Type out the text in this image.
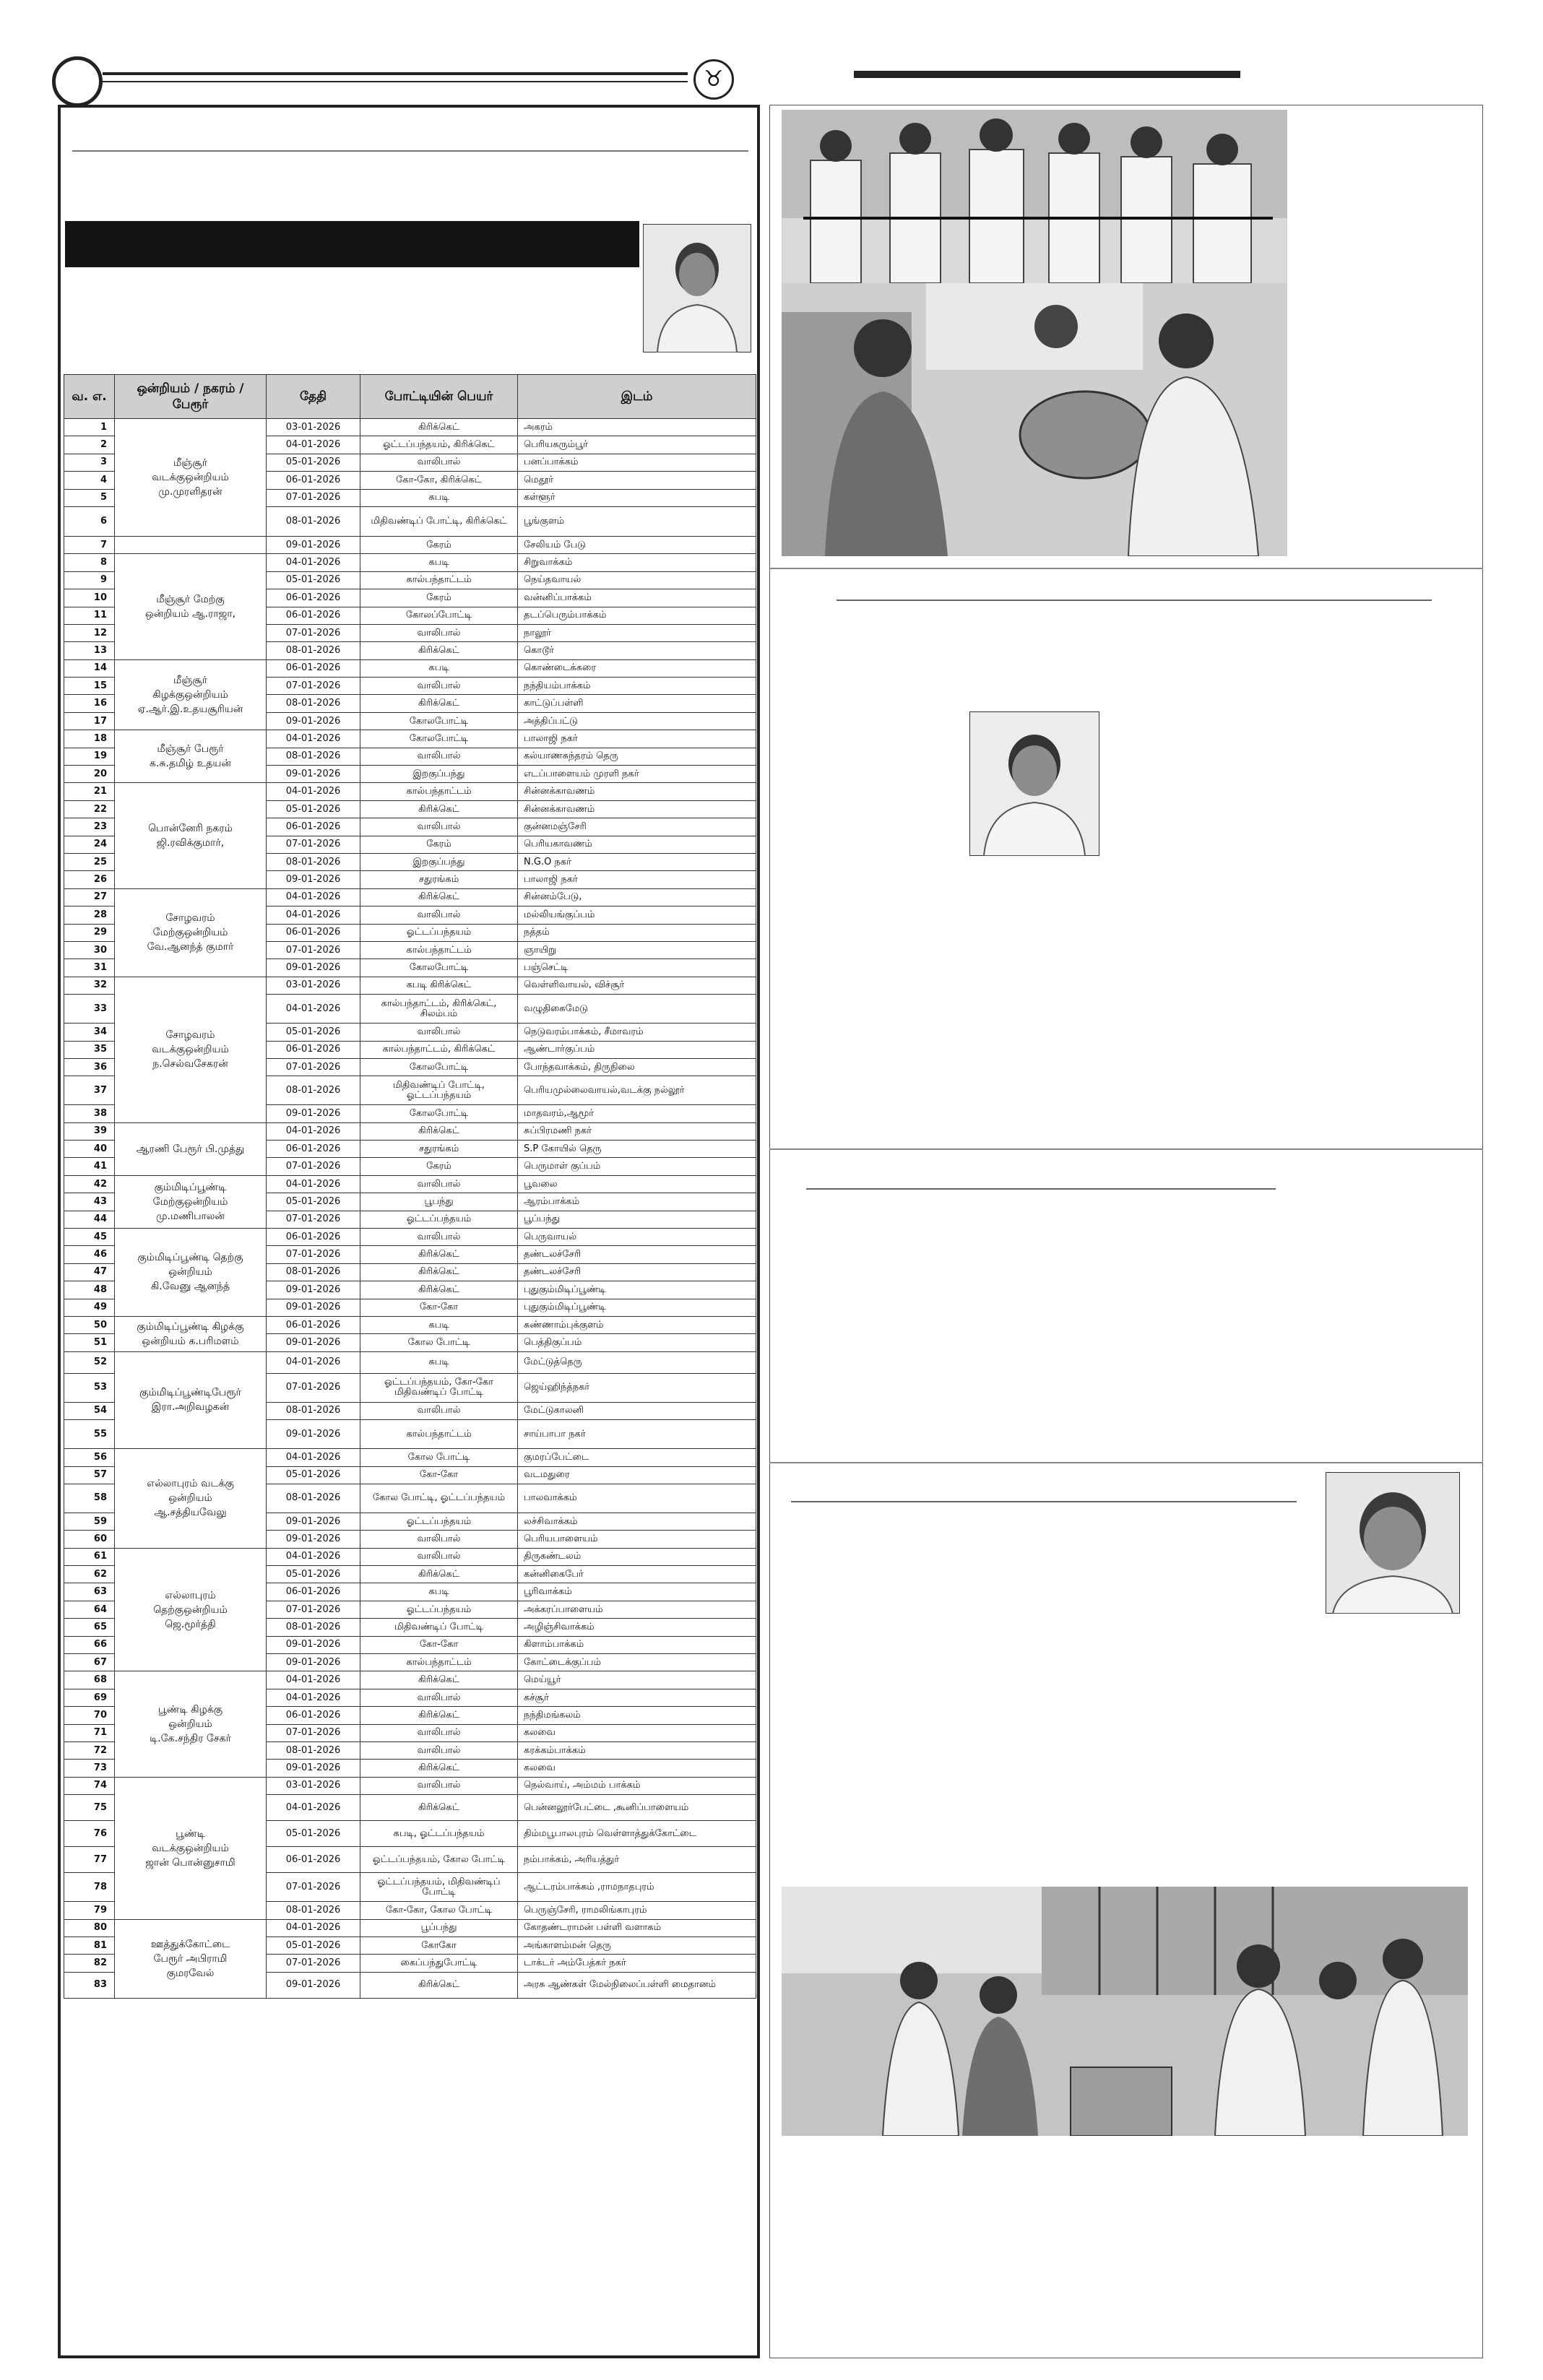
♉
வ. எ.	ஒன்றியம் / நகரம் / பேரூர்	தேதி	போட்டியின் பெயர்	இடம்
1	மீஞ்சூர்
வடக்குஒன்றியம்
மு.முரளிதரன்	03-01-2026	கிரிக்கெட்	அகரம்
2		04-01-2026	ஓட்டப்பந்தயம், கிரிக்கெட்	பெரியகரும்பூர்
3		05-01-2026	வாலிபால்	பனப்பாக்கம்
4		06-01-2026	கோ-கோ, கிரிக்கெட்	மெதூர்
5		07-01-2026	கபடி	கள்ளூர்
6		08-01-2026	மிதிவண்டிப் போட்டி, கிரிக்கெட்	பூங்குளம்
7		09-01-2026	கேரம்	சேலியம் பேடு
8	மீஞ்சூர் மேற்கு
ஒன்றியம் ஆ.ராஜா,	04-01-2026	கபடி	சிறுவாக்கம்
9		05-01-2026	கால்பந்தாட்டம்	நெய்தவாயல்
10		06-01-2026	கேரம்	வன்னிப்பாக்கம்
11		06-01-2026	கோலப்போட்டி	தடப்பெரும்பாக்கம்
12		07-01-2026	வாலிபால்	நாலூர்
13		08-01-2026	கிரிக்கெட்	கொடூர்
14	மீஞ்சூர்
கிழக்குஒன்றியம்
ஏ.ஆர்.இ.உதயசூரியன்	06-01-2026	கபடி	கொண்டைக்கரை
15		07-01-2026	வாலிபால்	நந்தியம்பாக்கம்
16		08-01-2026	கிரிக்கெட்	காட்டுப்பள்ளி
17		09-01-2026	கோலபோட்டி	அத்திப்பட்டு
18	மீஞ்சூர் பேரூர்
க.சு.தமிழ் உதயன்	04-01-2026	கோலபோட்டி	பாலாஜி நகர்
19		08-01-2026	வாலிபால்	கல்யாணசுந்தரம் தெரு
20		09-01-2026	இறகுப்பந்து	எடப்பாளையம் முரளி நகர்
21	பொன்னேரி நகரம்
ஜி.ரவிக்குமார்,	04-01-2026	கால்பந்தாட்டம்	சின்னக்காவணம்
22		05-01-2026	கிரிக்கெட்	சின்னக்காவணம்
23		06-01-2026	வாலிபால்	குன்னமஞ்சேரி
24		07-01-2026	கேரம்	பெரியகாவணம்
25		08-01-2026	இறகுப்பந்து	N.G.O நகர்
26		09-01-2026	சதுரங்கம்	பாலாஜி நகர்
27	சோழவரம்
மேற்குஒன்றியம்
வே.ஆனந்த் குமார்	04-01-2026	கிரிக்கெட்	சின்னம்பேடு,
28		04-01-2026	வாலிபால்	மல்லியங்குப்பம்
29		06-01-2026	ஓட்டப்பந்தயம்	நத்தம்
30		07-01-2026	கால்பந்தாட்டம்	ஞாயிறு
31		09-01-2026	கோலபோட்டி	பஞ்செட்டி
32	சோழவரம்
வடக்குஒன்றியம்
ந.செல்வசேகரன்	03-01-2026	கபடி கிரிக்கெட்	வெள்ளிவாயல், விச்சூர்
33		04-01-2026	கால்பந்தாட்டம், கிரிக்கெட், சிலம்பம்	வழுதிகைமேடு
34		05-01-2026	வாலிபால்	நெடுவரம்பாக்கம், சீமாவரம்
35		06-01-2026	கால்பந்தாட்டம், கிரிக்கெட்	ஆண்டார்குப்பம்
36		07-01-2026	கோலபோட்டி	போந்தவாக்கம், திருநிலை
37		08-01-2026	மிதிவண்டிப் போட்டி, ஓட்டப்பந்தயம்	பெரியமுல்லைவாயல்,வடக்கு நல்லூர்
38		09-01-2026	கோலபோட்டி	மாதவரம்,ஆமூர்
39	ஆரணி பேரூர் பி.முத்து	04-01-2026	கிரிக்கெட்	சுப்பிரமணி நகர்
40		06-01-2026	சதுரங்கம்	S.P கோயில் தெரு
41		07-01-2026	கேரம்	பெருமாள் குப்பம்
42	கும்மிடிப்பூண்டி
மேற்குஒன்றியம்
மு.மணிபாலன்	04-01-2026	வாலிபால்	பூவலை
43		05-01-2026	பூபந்து	ஆரம்பாக்கம்
44		07-01-2026	ஓட்டப்பந்தயம்	பூப்பந்து
45	கும்மிடிப்பூண்டி தெற்கு
ஒன்றியம்
கி.வேனு ஆனந்த்	06-01-2026	வாலிபால்	பெருவாயல்
46		07-01-2026	கிரிக்கெட்	தண்டலச்சேரி
47		08-01-2026	கிரிக்கெட்	தண்டலச்சேரி
48		09-01-2026	கிரிக்கெட்	புதுகும்மிடிப்பூண்டி
49		09-01-2026	கோ-கோ	புதுகும்மிடிப்பூண்டி
50	கும்மிடிப்பூண்டி கிழக்கு
ஒன்றியம் க.பரிமளம்	06-01-2026	கபடி	சுண்ணாம்புக்குளம்
51		09-01-2026	கோல போட்டி	பெத்திகுப்பம்
52	கும்மிடிப்பூண்டிபேரூர்
இரா.அறிவழகன்	04-01-2026	கபடி	மேட்டுத்தெரு
53		07-01-2026	ஓட்டப்பந்தயம், கோ-கோ மிதிவண்டிப் போட்டி	ஜெய்ஹிந்த்நகர்
54		08-01-2026	வாலிபால்	மேட்டுகாலனி
55		09-01-2026	கால்பந்தாட்டம்	சாய்பாபா நகர்
56	எல்லாபுரம் வடக்கு
ஒன்றியம்
ஆ.சத்தியவேலு	04-01-2026	கோல போட்டி	குமரப்பேட்டை
57		05-01-2026	கோ-கோ	வடமதுரை
58		08-01-2026	கோல போட்டி, ஓட்டப்பந்தயம்	பாலவாக்கம்
59		09-01-2026	ஓட்டப்பந்தயம்	லச்சிவாக்கம்
60		09-01-2026	வாலிபால்	பெரியபாளையம்
61	எல்லாபுரம்
தெற்குஒன்றியம்
ஜெ.மூர்த்தி	04-01-2026	வாலிபால்	திருகண்டலம்
62		05-01-2026	கிரிக்கெட்	கன்னிகைபேர்
63		06-01-2026	கபடி	பூரிவாக்கம்
64		07-01-2026	ஓட்டப்பந்தயம்	அக்கரப்பாளையம்
65		08-01-2026	மிதிவண்டிப் போட்டி	அழிஞ்சிவாக்கம்
66		09-01-2026	கோ-கோ	கிளாம்பாக்கம்
67		09-01-2026	கால்பந்தாட்டம்	கோட்டைக்குப்பம்
68	பூண்டி கிழக்கு
ஒன்றியம்
டி.கே.சந்திர சேகர்	04-01-2026	கிரிக்கெட்	மெய்யூர்
69		04-01-2026	வாலிபால்	கச்சூர்
70		06-01-2026	கிரிக்கெட்	நந்திமங்கலம்
71		07-01-2026	வாலிபால்	கலவை
72		08-01-2026	வாலிபால்	கரக்கம்பாக்கம்
73		09-01-2026	கிரிக்கெட்	கலவை
74	பூண்டி
வடக்குஒன்றியம்
ஜான் பொன்னுசாமி	03-01-2026	வாலிபால்	நெல்வாய், அம்மம் பாக்கம்
75		04-01-2026	கிரிக்கெட்	பென்னலூர்பேட்டை ,கூனிப்பாளையம்
76		05-01-2026	கபடி, ஓட்டப்பந்தயம்	திம்மபூபாலபுரம் வெள்ளாத்துக்கோட்டை
77		06-01-2026	ஓட்டப்பந்தயம், கோல போட்டி	நம்பாக்கம், அரியத்துர்
78		07-01-2026	ஓட்டப்பந்தயம், மிதிவண்டிப் போட்டி	ஆட்டரம்பாக்கம் ,ராமநாதபுரம்
79		08-01-2026	கோ-கோ, கோல போட்டி	பெருஞ்சேரி, ராமலிங்காபுரம்
80	ஊத்துக்கோட்டை
பேரூர் அபிராமி
குமரவேல்	04-01-2026	பூப்பந்து	கோதண்டராமன் பள்ளி வளாகம்
81		05-01-2026	கோகோ	அங்காளம்மன் தெரு
82		07-01-2026	கைப்பந்துபோட்டி	டாக்டர் அம்பேத்கர் நகர்
83		09-01-2026	கிரிக்கெட்	அரசு ஆண்கள் மேல்நிலைப்பள்ளி மைதானம்
